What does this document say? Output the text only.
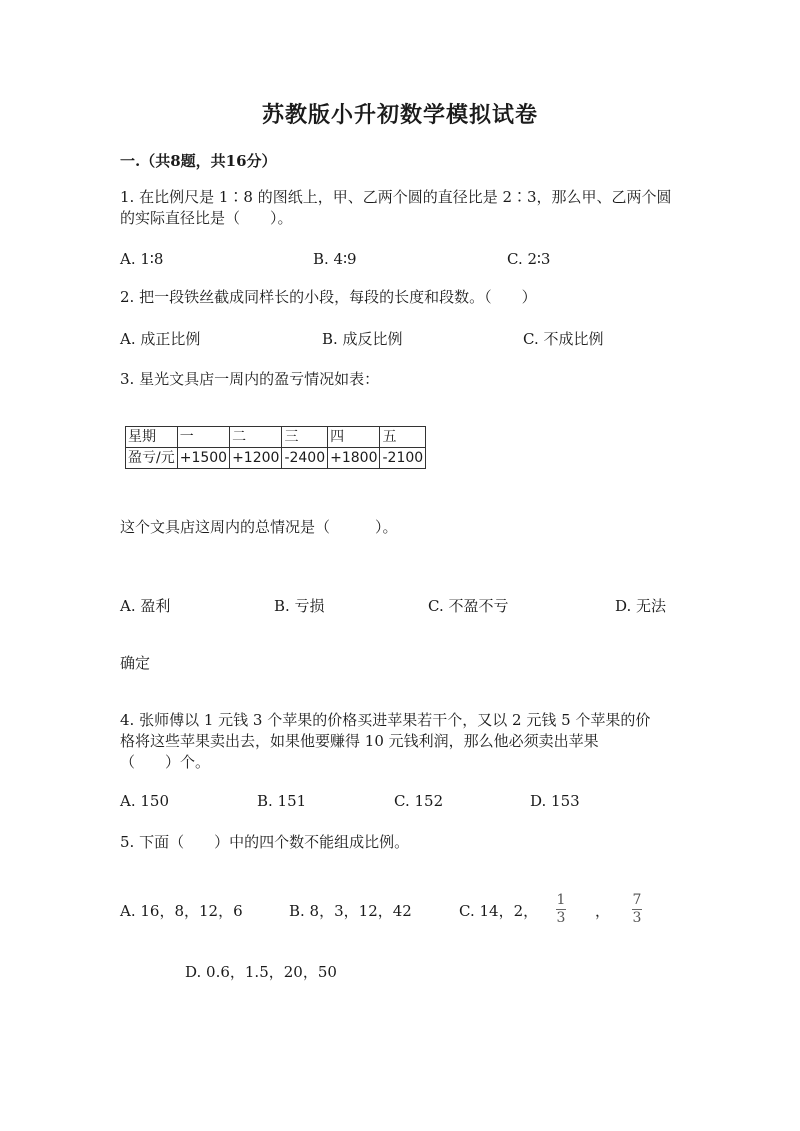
苏教版小升初数学模拟试卷
一.（共8题，共16分）
1. 在比例尺是 1∶8 的图纸上，甲、乙两个圆的直径比是 2∶3，那么甲、乙两个圆的实际直径比是（　　）。
A. 1∶8	B. 4∶9	C. 2∶3
2. 把一段铁丝截成同样长的小段，每段的长度和段数。（　　）
A. 成正比例	B. 成反比例	C. 不成比例
3. 星光文具店一周内的盈亏情况如表：
星期	一	二	三	四	五
盈亏/元	+1500	+1200	-2400	+1800	-2100
这个文具店这周内的总情况是（　　　）。
A. 盈利	B. 亏损	C. 不盈不亏	D. 无法
确定
4. 张师傅以 1 元钱 3 个苹果的价格买进苹果若干个，又以 2 元钱 5 个苹果的价
格将这些苹果卖出去，如果他要赚得 10 元钱利润，那么他必须卖出苹果
（　　）个。
A. 150	B. 151	C. 152	D. 153
5. 下面（　　）中的四个数不能组成比例。
A. 16，8，12，6	B. 8，3，12，42	C. 14，2，
1
3 ，
7
3
D. 0.6，1.5，20，50
